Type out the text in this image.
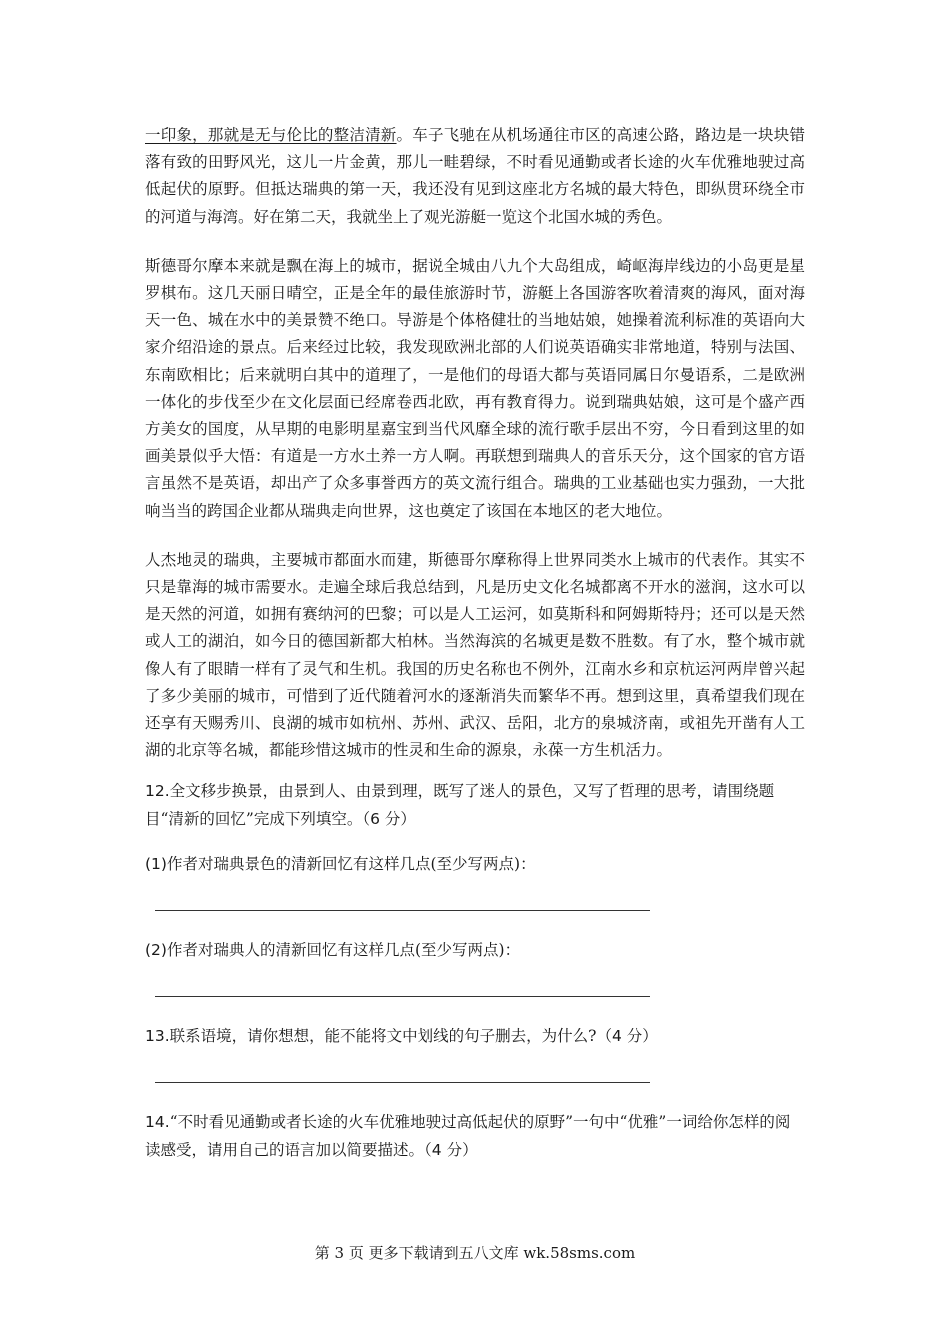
一印象，那就是无与伦比的整洁清新。车子飞驰在从机场通往市区的高速公路，路边是一块块错落有致的田野风光，这儿一片金黄，那儿一畦碧绿，不时看见通勤或者长途的火车优雅地驶过高低起伏的原野。但抵达瑞典的第一天，我还没有见到这座北方名城的最大特色，即纵贯环绕全市的河道与海湾。好在第二天，我就坐上了观光游艇一览这个北国水城的秀色。

斯德哥尔摩本来就是飘在海上的城市，据说全城由八九个大岛组成，崎岖海岸线边的小岛更是星罗棋布。这几天丽日晴空，正是全年的最佳旅游时节，游艇上各国游客吹着清爽的海风，面对海天一色、城在水中的美景赞不绝口。导游是个体格健壮的当地姑娘，她操着流利标准的英语向大家介绍沿途的景点。后来经过比较，我发现欧洲北部的人们说英语确实非常地道，特别与法国、东南欧相比；后来就明白其中的道理了，一是他们的母语大都与英语同属日尔曼语系，二是欧洲一体化的步伐至少在文化层面已经席卷西北欧，再有教育得力。说到瑞典姑娘，这可是个盛产西方美女的国度，从早期的电影明星嘉宝到当代风靡全球的流行歌手层出不穷，今日看到这里的如画美景似乎大悟：有道是一方水土养一方人啊。再联想到瑞典人的音乐天分，这个国家的官方语言虽然不是英语，却出产了众多事誉西方的英文流行组合。瑞典的工业基础也实力强劲，一大批响当当的跨国企业都从瑞典走向世界，这也奠定了该国在本地区的老大地位。

人杰地灵的瑞典，主要城市都面水而建，斯德哥尔摩称得上世界同类水上城市的代表作。其实不只是靠海的城市需要水。走遍全球后我总结到，凡是历史文化名城都离不开水的滋润，这水可以是天然的河道，如拥有赛纳河的巴黎；可以是人工运河，如莫斯科和阿姆斯特丹；还可以是天然或人工的湖泊，如今日的德国新都大柏林。当然海滨的名城更是数不胜数。有了水，整个城市就像人有了眼睛一样有了灵气和生机。我国的历史名称也不例外，江南水乡和京杭运河两岸曾兴起了多少美丽的城市，可惜到了近代随着河水的逐渐消失而繁华不再。想到这里，真希望我们现在还享有天赐秀川、良湖的城市如杭州、苏州、武汉、岳阳，北方的泉城济南，或祖先开凿有人工湖的北京等名城，都能珍惜这城市的性灵和生命的源泉，永葆一方生机活力。

12.全文移步换景，由景到人、由景到理，既写了迷人的景色，又写了哲理的思考，请围绕题目“清新的回忆”完成下列填空。（6 分）

(1)作者对瑞典景色的清新回忆有这样几点(至少写两点)：

(2)作者对瑞典人的清新回忆有这样几点(至少写两点)：

13.联系语境，请你想想，能不能将文中划线的句子删去，为什么?（4 分）

14.“不时看见通勤或者长途的火车优雅地驶过高低起伏的原野”一句中“优雅”一词给你怎样的阅读感受，请用自己的语言加以简要描述。（4 分）

第 3 页 更多下载请到五八文库 wk.58sms.com
